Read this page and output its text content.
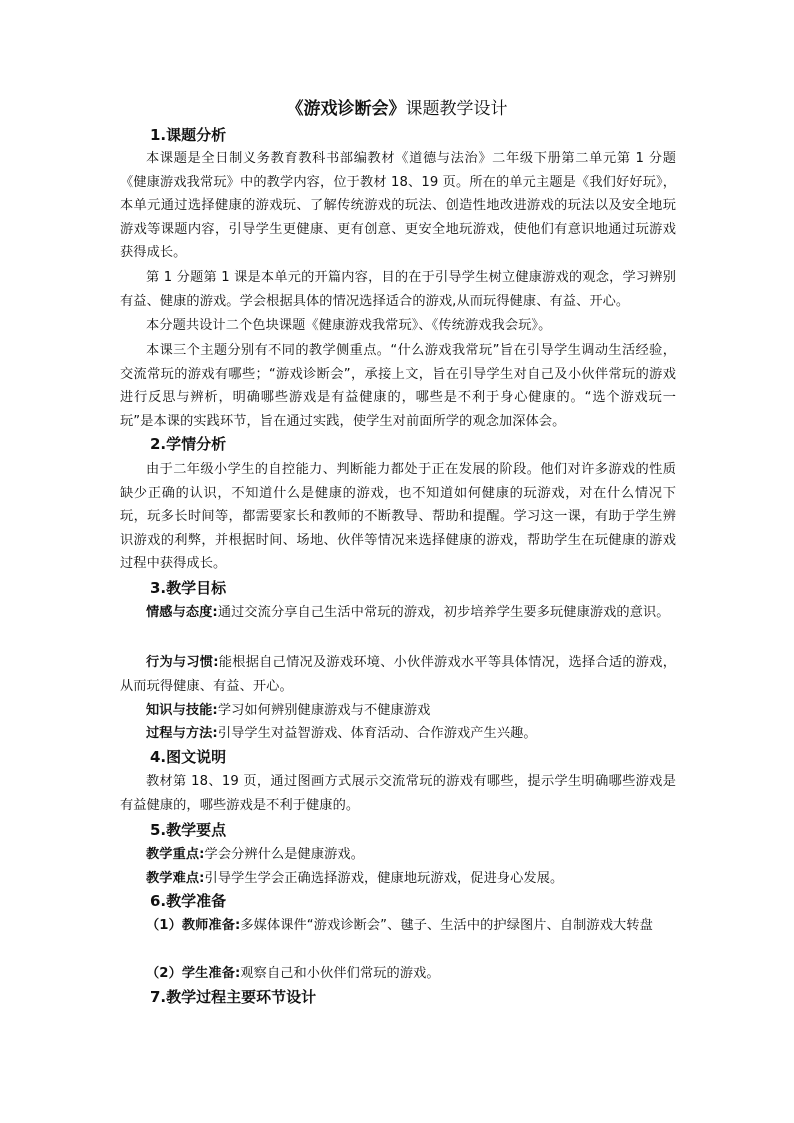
《游戏诊断会》课题教学设计
1.课题分析
本课题是全日制义务教育教科书部编教材《道德与法治》二年级下册第二单元第 1 分题《健康游戏我常玩》中的教学内容，位于教材 18、19 页。所在的单元主题是《我们好好玩》，本单元通过选择健康的游戏玩、了解传统游戏的玩法、创造性地改进游戏的玩法以及安全地玩游戏等课题内容，引导学生更健康、更有创意、更安全地玩游戏，使他们有意识地通过玩游戏获得成长。
第 1 分题第 1 课是本单元的开篇内容，目的在于引导学生树立健康游戏的观念，学习辨别有益、健康的游戏。学会根据具体的情况选择适合的游戏,从而玩得健康、有益、开心。
本分题共设计二个色块课题《健康游戏我常玩》、《传统游戏我会玩》。
本课三个主题分别有不同的教学侧重点。“什么游戏我常玩”旨在引导学生调动生活经验，交流常玩的游戏有哪些；“游戏诊断会”，承接上文，旨在引导学生对自己及小伙伴常玩的游戏进行反思与辨析，明确哪些游戏是有益健康的，哪些是不利于身心健康的。“选个游戏玩一玩”是本课的实践环节，旨在通过实践，使学生对前面所学的观念加深体会。
2.学情分析
由于二年级小学生的自控能力、判断能力都处于正在发展的阶段。他们对许多游戏的性质缺少正确的认识，不知道什么是健康的游戏，也不知道如何健康的玩游戏，对在什么情况下玩，玩多长时间等，都需要家长和教师的不断教导、帮助和提醒。学习这一课，有助于学生辨识游戏的利弊，并根据时间、场地、伙伴等情况来选择健康的游戏，帮助学生在玩健康的游戏过程中获得成长。
3.教学目标
情感与态度:通过交流分享自己生活中常玩的游戏，初步培养学生要多玩健康游戏的意识。
行为与习惯:能根据自己情况及游戏环境、小伙伴游戏水平等具体情况，选择合适的游戏，从而玩得健康、有益、开心。
知识与技能:学习如何辨别健康游戏与不健康游戏
过程与方法:引导学生对益智游戏、体育活动、合作游戏产生兴趣。
4.图文说明
教材第 18、19 页，通过图画方式展示交流常玩的游戏有哪些，提示学生明确哪些游戏是有益健康的，哪些游戏是不利于健康的。
5.教学要点
教学重点:学会分辨什么是健康游戏。
教学难点:引导学生学会正确选择游戏，健康地玩游戏，促进身心发展。
6.教学准备
（1）教师准备:多媒体课件“游戏诊断会”、毽子、生活中的护绿图片、自制游戏大转盘
（2）学生准备:观察自己和小伙伴们常玩的游戏。
7.教学过程主要环节设计
